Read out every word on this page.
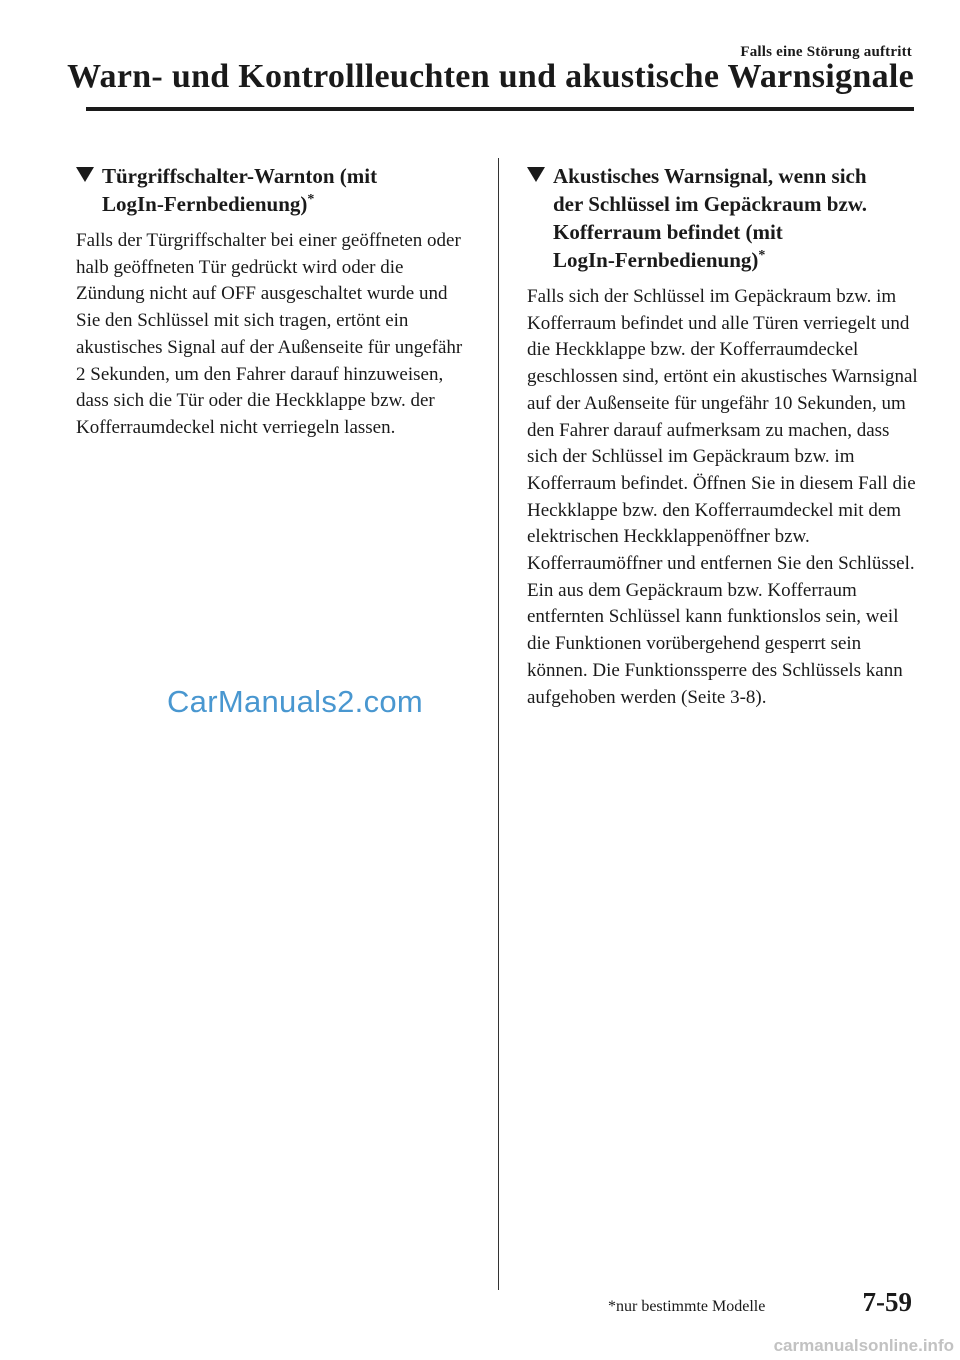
Falls eine Störung auftritt
Warn- und Kontrollleuchten und akustische Warnsignale
Türgriffschalter-Warnton (mit
LogIn-Fernbedienung)*

Falls der Türgriffschalter bei einer geöffneten oder halb geöffneten Tür gedrückt wird oder die Zündung nicht auf OFF ausgeschaltet wurde und Sie den Schlüssel mit sich tragen, ertönt ein akustisches Signal auf der Außenseite für ungefähr 2 Sekunden, um den Fahrer darauf hinzuweisen, dass sich die Tür oder die Heckklappe bzw. der Kofferraumdeckel nicht verriegeln lassen.

Akustisches Warnsignal, wenn sich
der Schlüssel im Gepäckraum bzw.
Kofferraum befindet (mit
LogIn-Fernbedienung)*

Falls sich der Schlüssel im Gepäckraum bzw. im Kofferraum befindet und alle Türen verriegelt und die Heckklappe bzw. der Kofferraumdeckel geschlossen sind, ertönt ein akustisches Warnsignal auf der Außenseite für ungefähr 10 Sekunden, um den Fahrer darauf aufmerksam zu machen, dass sich der Schlüssel im Gepäckraum bzw. im Kofferraum befindet. Öffnen Sie in diesem Fall die Heckklappe bzw. den Kofferraumdeckel mit dem elektrischen Heckklappenöffner bzw. Kofferraumöffner und entfernen Sie den Schlüssel. Ein aus dem Gepäckraum bzw. Kofferraum entfernten Schlüssel kann funktionslos sein, weil die Funktionen vorübergehend gesperrt sein können. Die Funktionssperre des Schlüssels kann aufgehoben werden (Seite 3-8).

CarManuals2.com
*nur bestimmte Modelle	7-59
carmanualsonline.info
